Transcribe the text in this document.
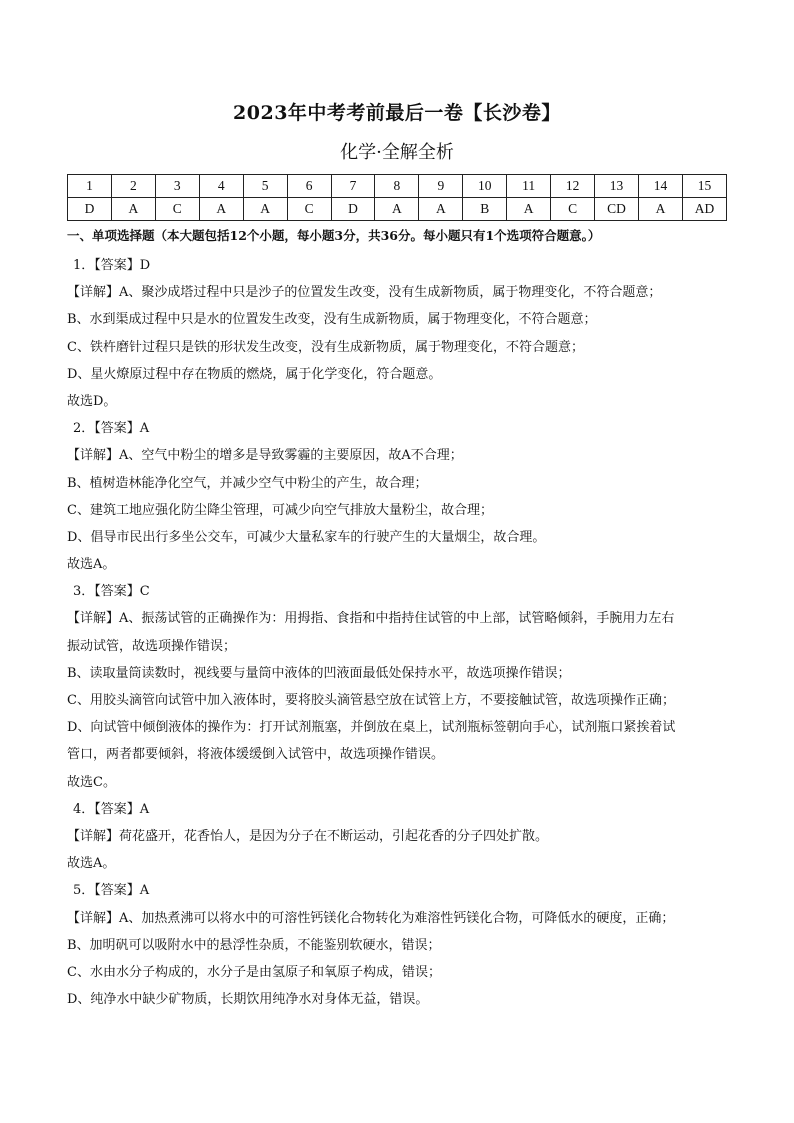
2023年中考考前最后一卷【长沙卷】
化学·全解全析
1	2	3	4	5	6	7	8	9	10	11	12	13	14	15
D	A	C	A	A	C	D	A	A	B	A	C	CD	A	AD
一、单项选择题（本大题包括12个小题，每小题3分，共36分。每小题只有1个选项符合题意。）
1．【答案】D
【详解】A、聚沙成塔过程中只是沙子的位置发生改变，没有生成新物质，属于物理变化，不符合题意；
B、水到渠成过程中只是水的位置发生改变，没有生成新物质，属于物理变化，不符合题意；
C、铁杵磨针过程只是铁的形状发生改变，没有生成新物质，属于物理变化，不符合题意；
D、星火燎原过程中存在物质的燃烧，属于化学变化，符合题意。
故选D。
2．【答案】A
【详解】A、空气中粉尘的增多是导致雾霾的主要原因，故A不合理；
B、植树造林能净化空气，并减少空气中粉尘的产生，故合理；
C、建筑工地应强化防尘降尘管理，可减少向空气排放大量粉尘，故合理；
D、倡导市民出行多坐公交车，可减少大量私家车的行驶产生的大量烟尘，故合理。
故选A。
3．【答案】C
【详解】A、振荡试管的正确操作为：用拇指、食指和中指持住试管的中上部，试管略倾斜，手腕用力左右
振动试管，故选项操作错误；
B、读取量筒读数时，视线要与量筒中液体的凹液面最低处保持水平，故选项操作错误；
C、用胶头滴管向试管中加入液体时，要将胶头滴管悬空放在试管上方，不要接触试管，故选项操作正确；
D、向试管中倾倒液体的操作为：打开试剂瓶塞，并倒放在桌上，试剂瓶标签朝向手心，试剂瓶口紧挨着试
管口，两者都要倾斜，将液体缓缓倒入试管中，故选项操作错误。
故选C。
4．【答案】A
【详解】荷花盛开，花香怡人，是因为分子在不断运动，引起花香的分子四处扩散。
故选A。
5．【答案】A
【详解】A、加热煮沸可以将水中的可溶性钙镁化合物转化为难溶性钙镁化合物，可降低水的硬度，正确；
B、加明矾可以吸附水中的悬浮性杂质，不能鉴别软硬水，错误；
C、水由水分子构成的，水分子是由氢原子和氧原子构成，错误；
D、纯净水中缺少矿物质，长期饮用纯净水对身体无益，错误。
